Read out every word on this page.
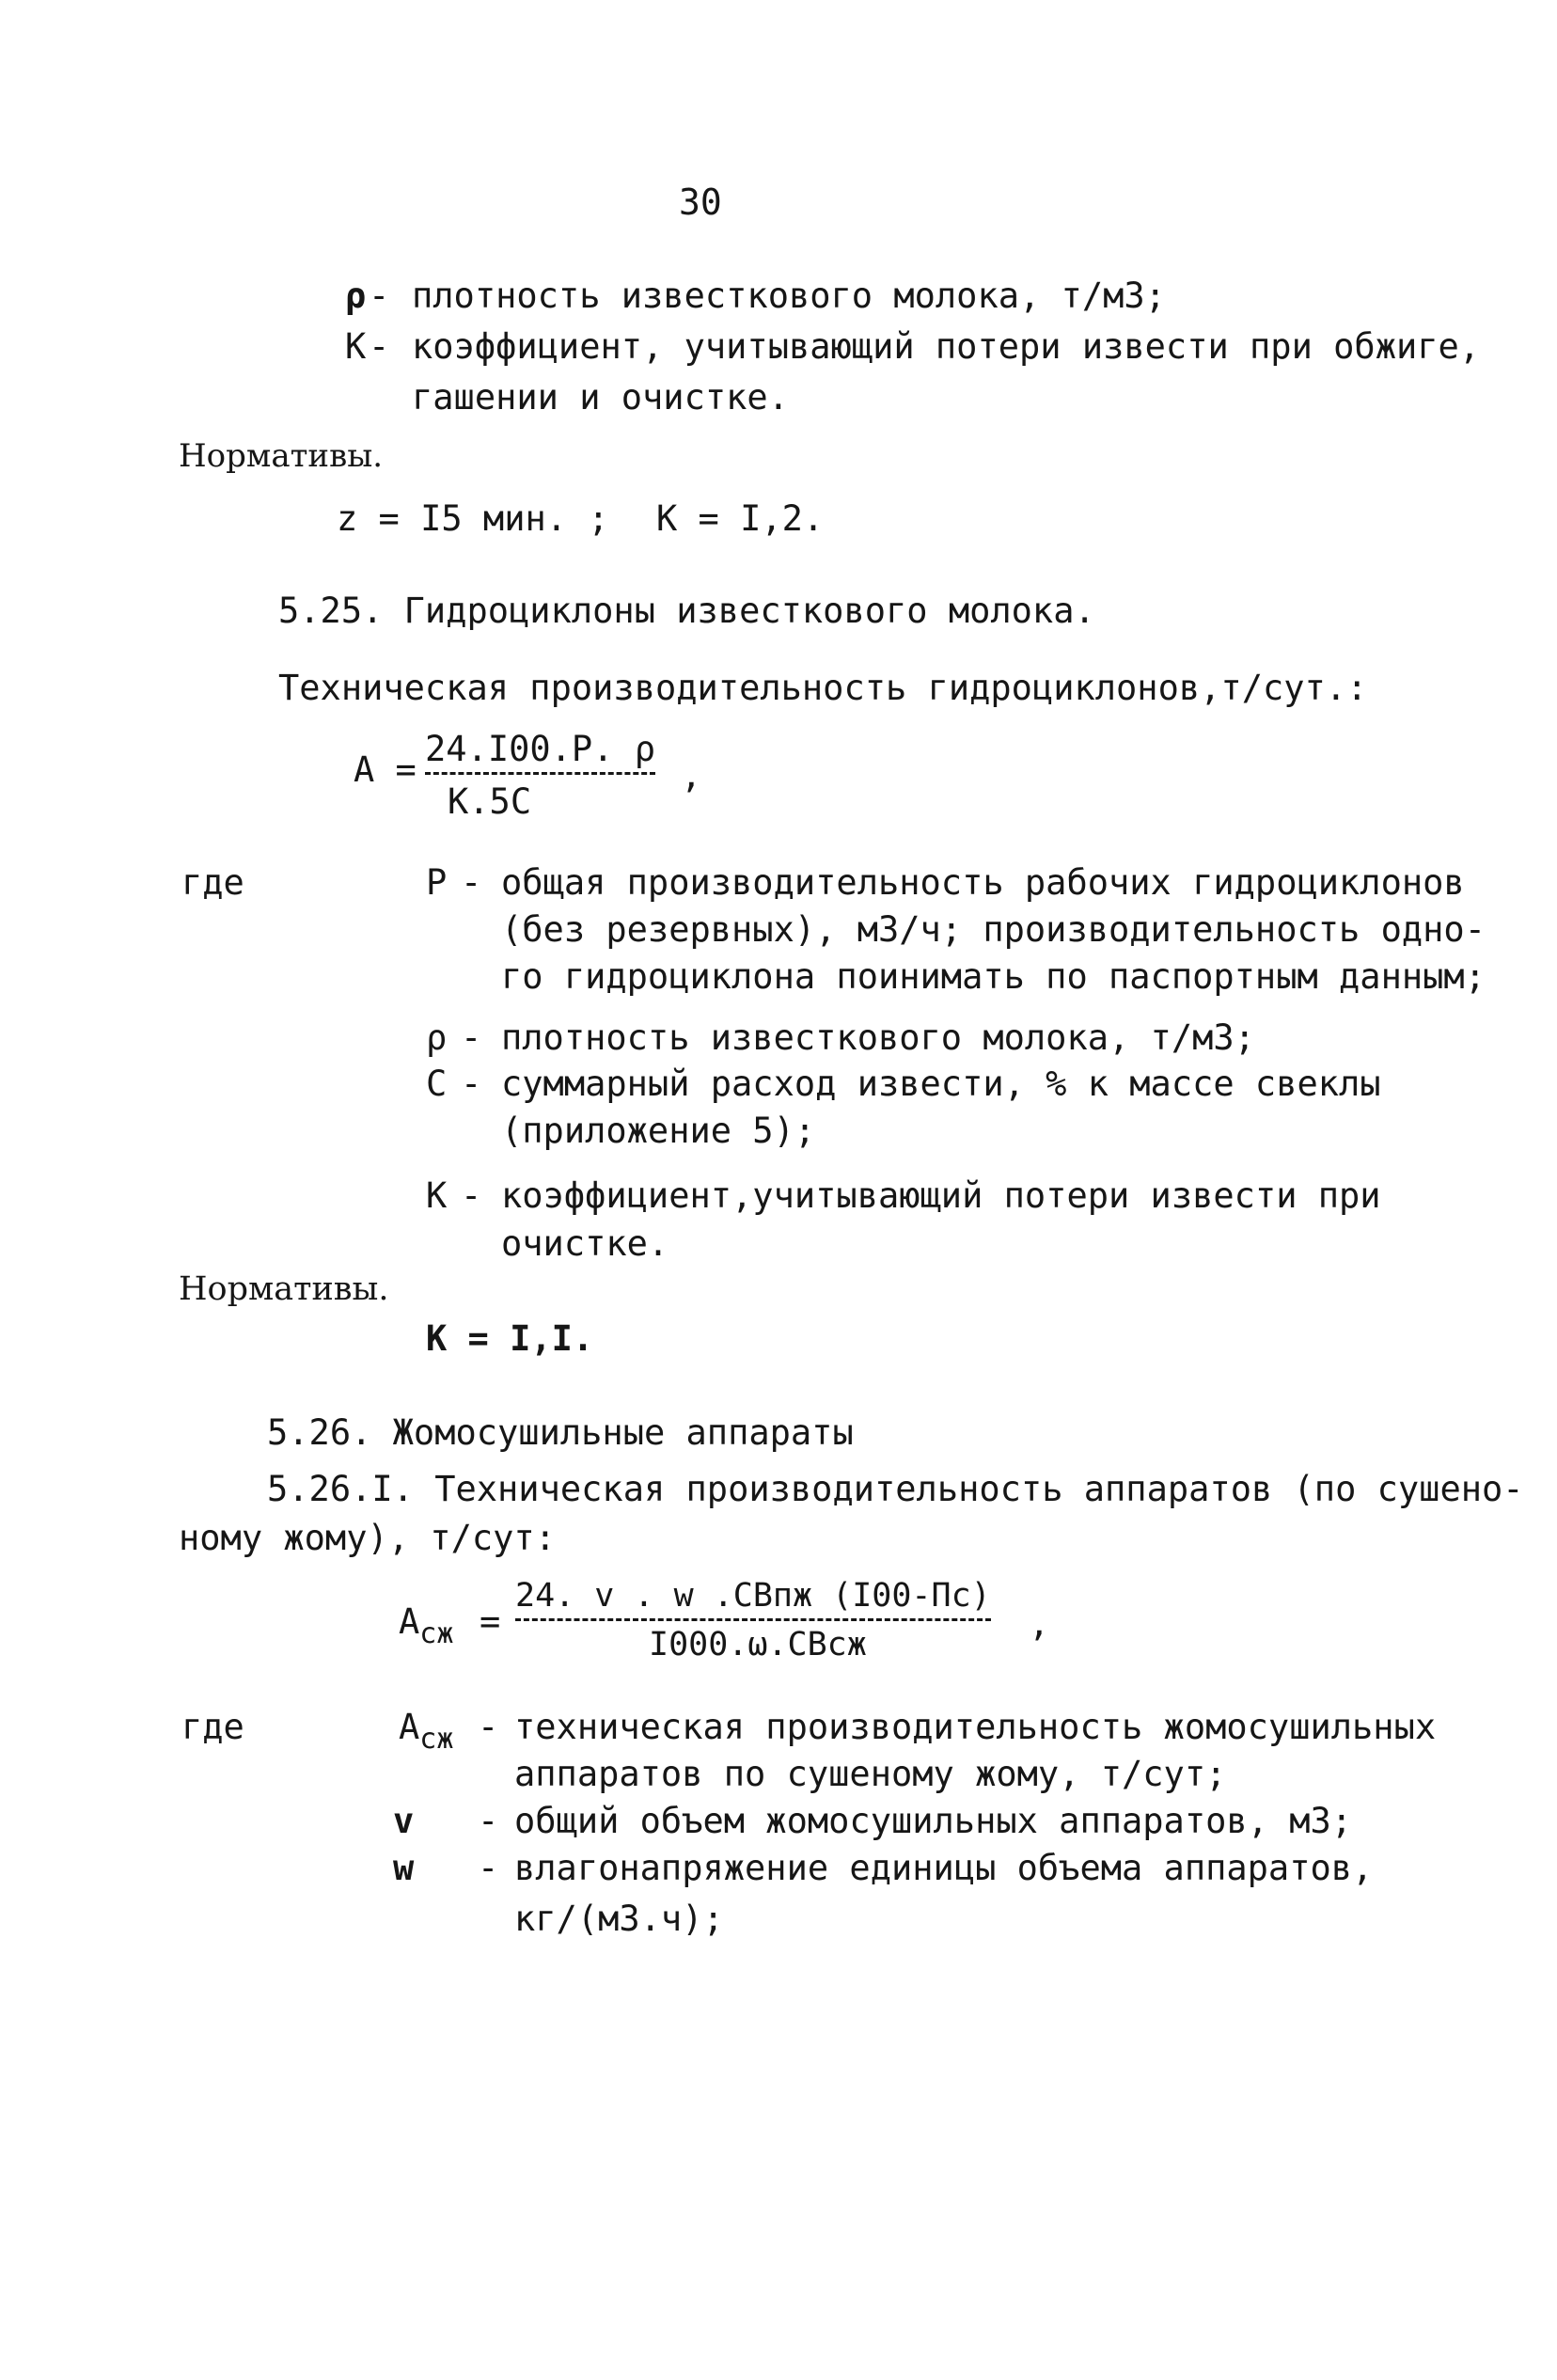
30
ρ - плотность известкового молока, т/м3;
К - коэффициент, учитывающий потери извести при обжиге,
гашении и очистке.
Нормативы.
z = I5 мин. ; К = I,2.
5.25. Гидроциклоны известкового молока.
Техническая производительность гидроциклонов,т/сут.:
А =
24.I00.Р. ρ
К.5С
,
где	Р - общая производительность рабочих гидроциклонов
(без резервных), м3/ч; производительность одно-
го гидроциклона поинимать по паспортным данным;
ρ - плотность известкового молока, т/м3;
С - суммарный расход извести, % к массе свеклы
(приложение 5);
К - коэффициент,учитывающий потери извести при
очистке.
Нормативы.
К = I,I.
5.26. Жомосушильные аппараты
5.26.I. Техническая производительность аппаратов (по сушено-
ному жому), т/сут:
$А_{сж}$ =
24. v . w .СВпж (I00-Пс)
I000.ω.СВсж
,
где	$А_{сж}$ - техническая производительность жомосушильных
аппаратов по сушеному жому, т/сут;
v - общий объем жомосушильных аппаратов, м3;
w - влагонапряжение единицы объема аппаратов,
кг/(м3.ч);
